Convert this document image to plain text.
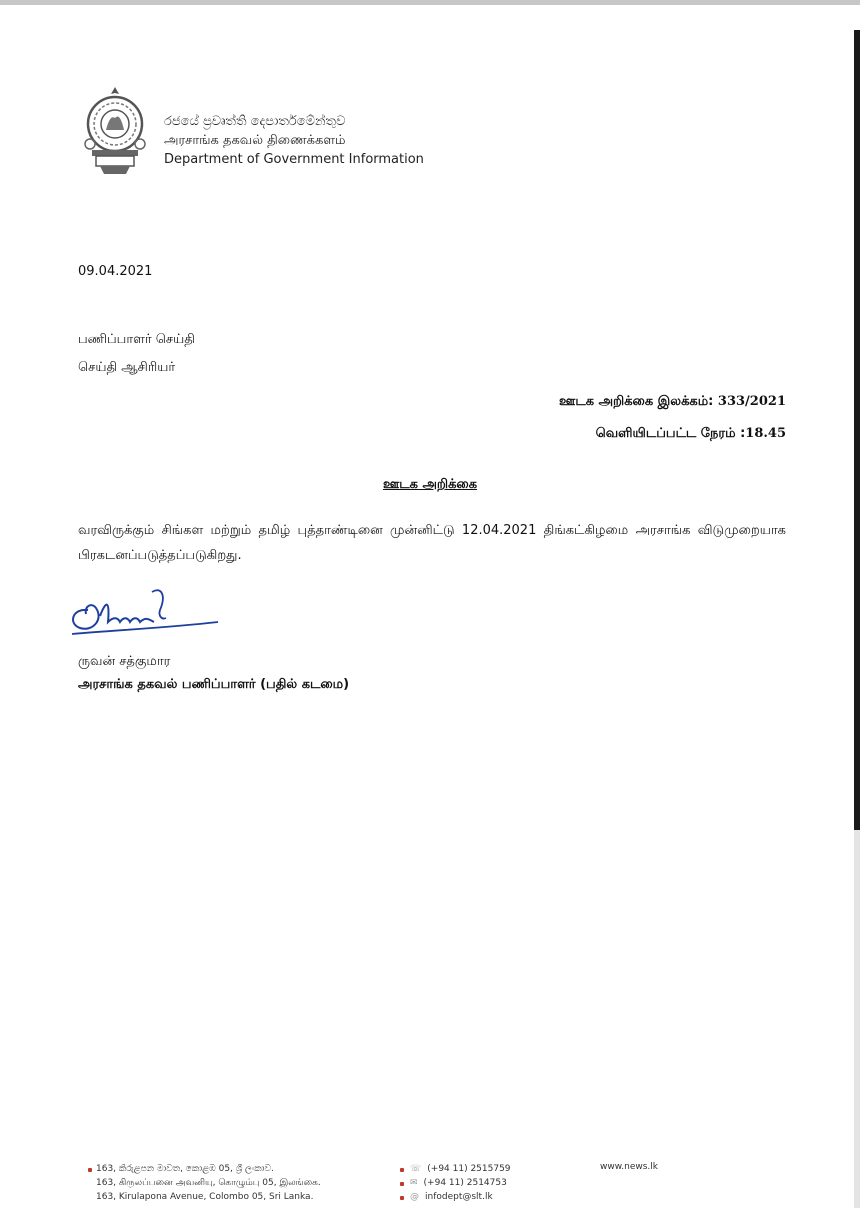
රජයේ ප්‍රවෘත්ති දෙපාර්තමේන්තුව
அரசாங்க தகவல் திணைக்களம்
Department of Government Information
09.04.2021
பணிப்பாளர் செய்தி
செய்தி ஆசிரியர்
ஊடக அறிக்கை இலக்கம்: 333/2021
வெளியிடப்பட்ட நேரம் :18.45
ஊடக அறிக்கை
வரவிருக்கும் சிங்கள மற்றும் தமிழ் புத்தாண்டினை முன்னிட்டு 12.04.2021 திங்கட்கிழமை அரசாங்க விடுமுறையாக பிரகடனப்படுத்தப்படுகிறது.
ருவன் சத்குமார
அரசாங்க தகவல் பணிப்பாளர் (பதில் கடமை)
163, කිරුළපන මාවත, කොළඹ 05, ශ්‍රී ලංකාව.
163, கிருலப்பனை அவனியு, கொழும்பு 05, இலங்கை.
163, Kirulapona Avenue, Colombo 05, Sri Lanka.
☏ (+94 11) 2515759
✉ (+94 11) 2514753
@ infodept@slt.lk
www.news.lk
